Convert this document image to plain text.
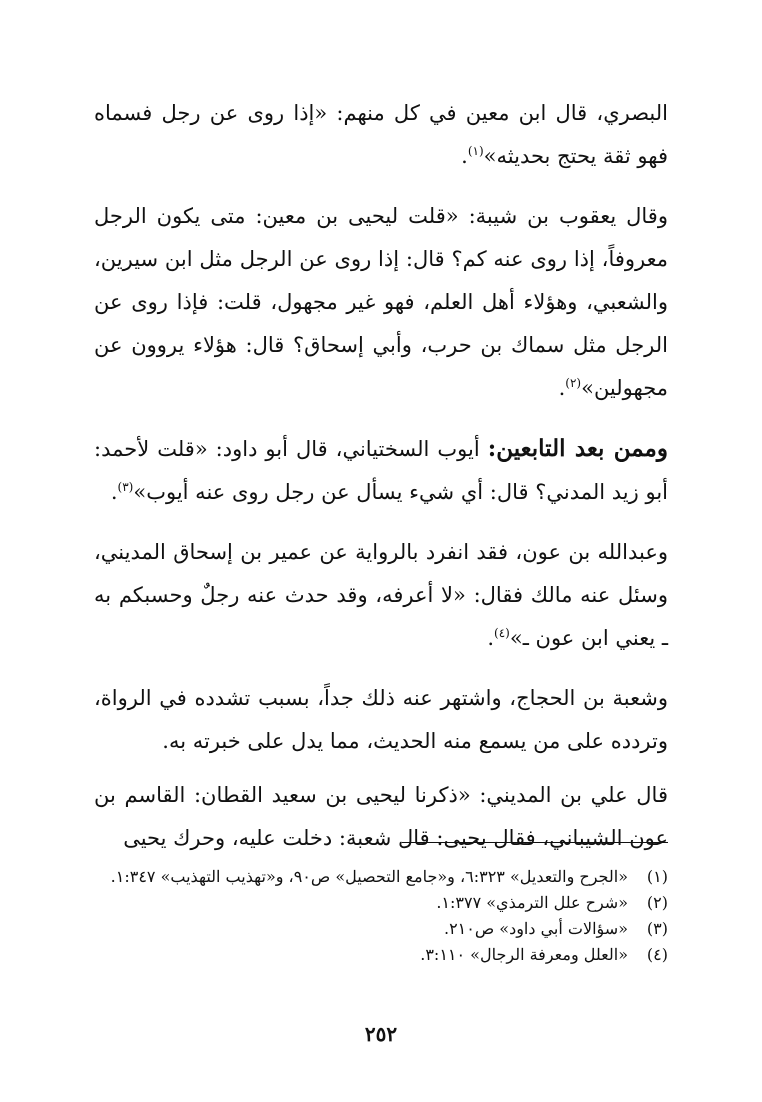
البصري، قال ابن معين في كل منهم: «إذا روى عن رجل فسماه فهو ثقة يحتج بحديثه»$^{(١)}$.

وقال يعقوب بن شيبة: «قلت ليحيى بن معين: متى يكون الرجل معروفاً، إذا روى عنه كم؟ قال: إذا روى عن الرجل مثل ابن سيرين، والشعبي، وهؤلاء أهل العلم، فهو غير مجهول، قلت: فإذا روى عن الرجل مثل سماك بن حرب، وأبي إسحاق؟ قال: هؤلاء يروون عن مجهولين»$^{(٢)}$.

وممن بعد التابعين: أيوب السختياني، قال أبو داود: «قلت لأحمد: أبو زيد المدني؟ قال: أي شيء يسأل عن رجل روى عنه أيوب»$^{(٣)}$.

وعبدالله بن عون، فقد انفرد بالرواية عن عمير بن إسحاق المديني، وسئل عنه مالك فقال: «لا أعرفه، وقد حدث عنه رجلٌ وحسبكم به ـ يعني ابن عون ـ»$^{(٤)}$.

وشعبة بن الحجاج، واشتهر عنه ذلك جداً، بسبب تشدده في الرواة، وتردده على من يسمع منه الحديث، مما يدل على خبرته به.

قال علي بن المديني: «ذكرنا ليحيى بن سعيد القطان: القاسم بن عون الشيباني، فقال يحيى: قال شعبة: دخلت عليه، وحرك يحيى

(١)
«الجرح والتعديل» ٦:٣٢٣، و«جامع التحصيل» ص٩٠، و«تهذيب التهذيب» ١:٣٤٧.
(٢)
«شرح علل الترمذي» ١:٣٧٧.
(٣)
«سؤالات أبي داود» ص٢١٠.
(٤)
«العلل ومعرفة الرجال» ٣:١١٠.
٢٥٢
